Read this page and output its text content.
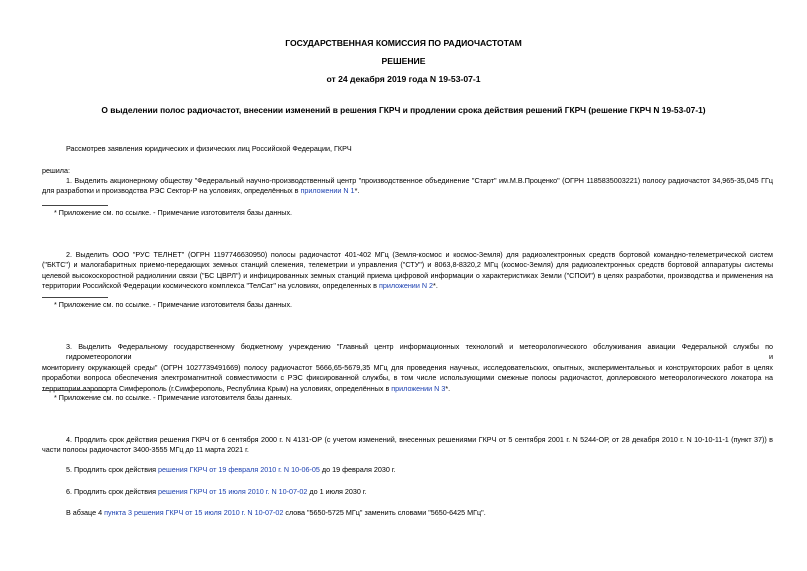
ГОСУДАРСТВЕННАЯ КОМИССИЯ ПО РАДИОЧАСТОТАМ
РЕШЕНИЕ
от 24 декабря 2019 года N 19-53-07-1
О выделении полос радиочастот, внесении изменений в решения ГКРЧ и продлении срока действия решений ГКРЧ (решение ГКРЧ N 19-53-07-1)
Рассмотрев заявления юридических и физических лиц Российской Федерации, ГКРЧ
решила:
1. Выделить акционерному обществу "Федеральный научно-производственный центр "производственное объединение "Старт" им.М.В.Проценко" (ОГРН 1185835003221) полосу радиочастот 34,965-35,045 ГГц
для разработки и производства РЭС Сектор-Р на условиях, определённых в приложении N 1*.
* Приложение см. по ссылке. - Примечание изготовителя базы данных.
2. Выделить ООО "РУС ТЕЛНЕТ" (ОГРН 1197746630950) полосы радиочастот 401-402 МГц (Земля-космос и космос-Земля) для радиоэлектронных средств бортовой командно-телеметрической систем
("БКТС") и малогабаритных приемо-передающих земных станций слежения, телеметрии и управления ("СТУ") и 8063,8-8320,2 МГц (космос-Земля) для радиоэлектронных средств бортовой аппаратуры системы
целевой высокоскоростной радиолинии связи ("БС ЦВРЛ") и инфицированных земных станций приема цифровой информации о характеристиках Земли ("СПОИ") в целях разработки, производства и применения на
территории Российской Федерации космического комплекса "ТелСат" на условиях, определенных в приложении N 2*.
* Приложение см. по ссылке. - Примечание изготовителя базы данных.
3. Выделить Федеральному государственному бюджетному учреждению "Главный центр информационных технологий и метеорологического обслуживания авиации Федеральной службы по гидрометеорологии и
мониторингу окружающей среды" (ОГРН 1027739491669) полосу радиочастот 5666,65-5679,35 МГц для проведения научных, исследовательских, опытных, экспериментальных и конструкторских работ в целях
проработки вопроса обеспечения электромагнитной совместимости с РЭС фиксированной службы, в том числе использующими смежные полосы радиочастот, доплеровского метеорологического локатора на
территории аэропорта Симферополь (г.Симферополь, Республика Крым) на условиях, определённых в приложении N 3*.
* Приложение см. по ссылке. - Примечание изготовителя базы данных.
4. Продлить срок действия решения ГКРЧ от 6 сентября 2000 г. N 4131-ОР (с учетом изменений, внесенных решениями ГКРЧ от 5 сентября 2001 г. N 5244-ОР, от 28 декабря 2010 г. N 10-10-11-1 (пункт 37)) в
части полосы радиочастот 3400-3555 МГц до 11 марта 2021 г.
5. Продлить срок действия решения ГКРЧ от 19 февраля 2010 г. N 10-06-05 до 19 февраля 2030 г.
6. Продлить срок действия решения ГКРЧ от 15 июля 2010 г. N 10-07-02 до 1 июля 2030 г.
В абзаце 4 пункта 3 решения ГКРЧ от 15 июля 2010 г. N 10-07-02 слова "5650-5725 МГц" заменить словами "5650-6425 МГц".
